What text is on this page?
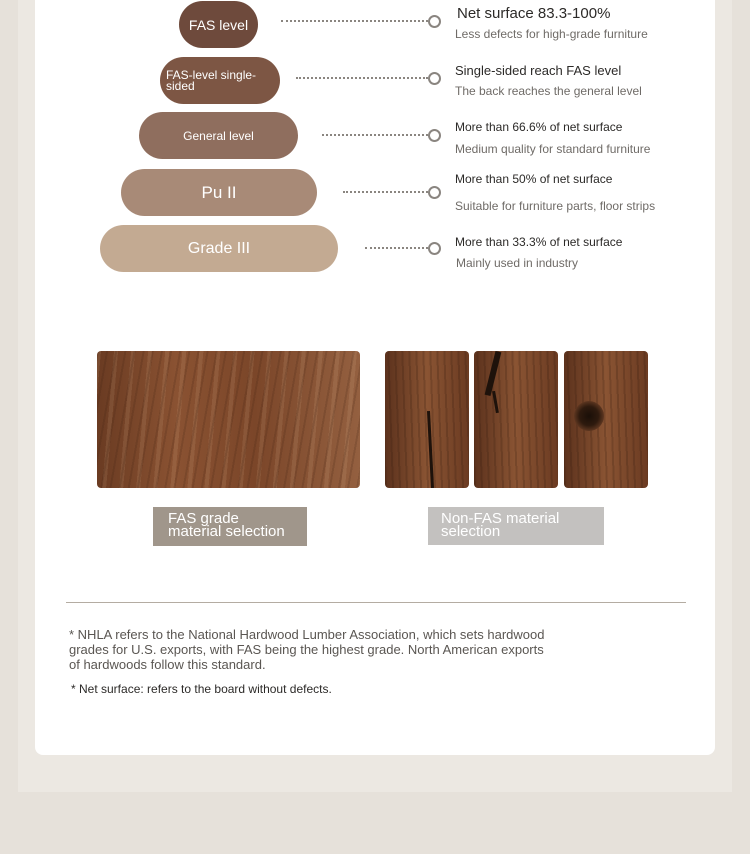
FAS level
Net surface 83.3-100%
Less defects for high-grade furniture
FAS-level single-
sided
Single-sided reach FAS level
The back reaches the general level
General level
More than 66.6% of net surface
Medium quality for standard furniture
Pu II
More than 50% of net surface
Suitable for furniture parts, floor strips
Grade III	More than 33.3% of net surface
Mainly used in industry
FAS grade
material selection
Non-FAS material
selection
* NHLA refers to the National Hardwood Lumber Association, which sets hardwood grades for U.S. exports, with FAS being the highest grade. North American exports of hardwoods follow this standard.
* Net surface: refers to the board without defects.
